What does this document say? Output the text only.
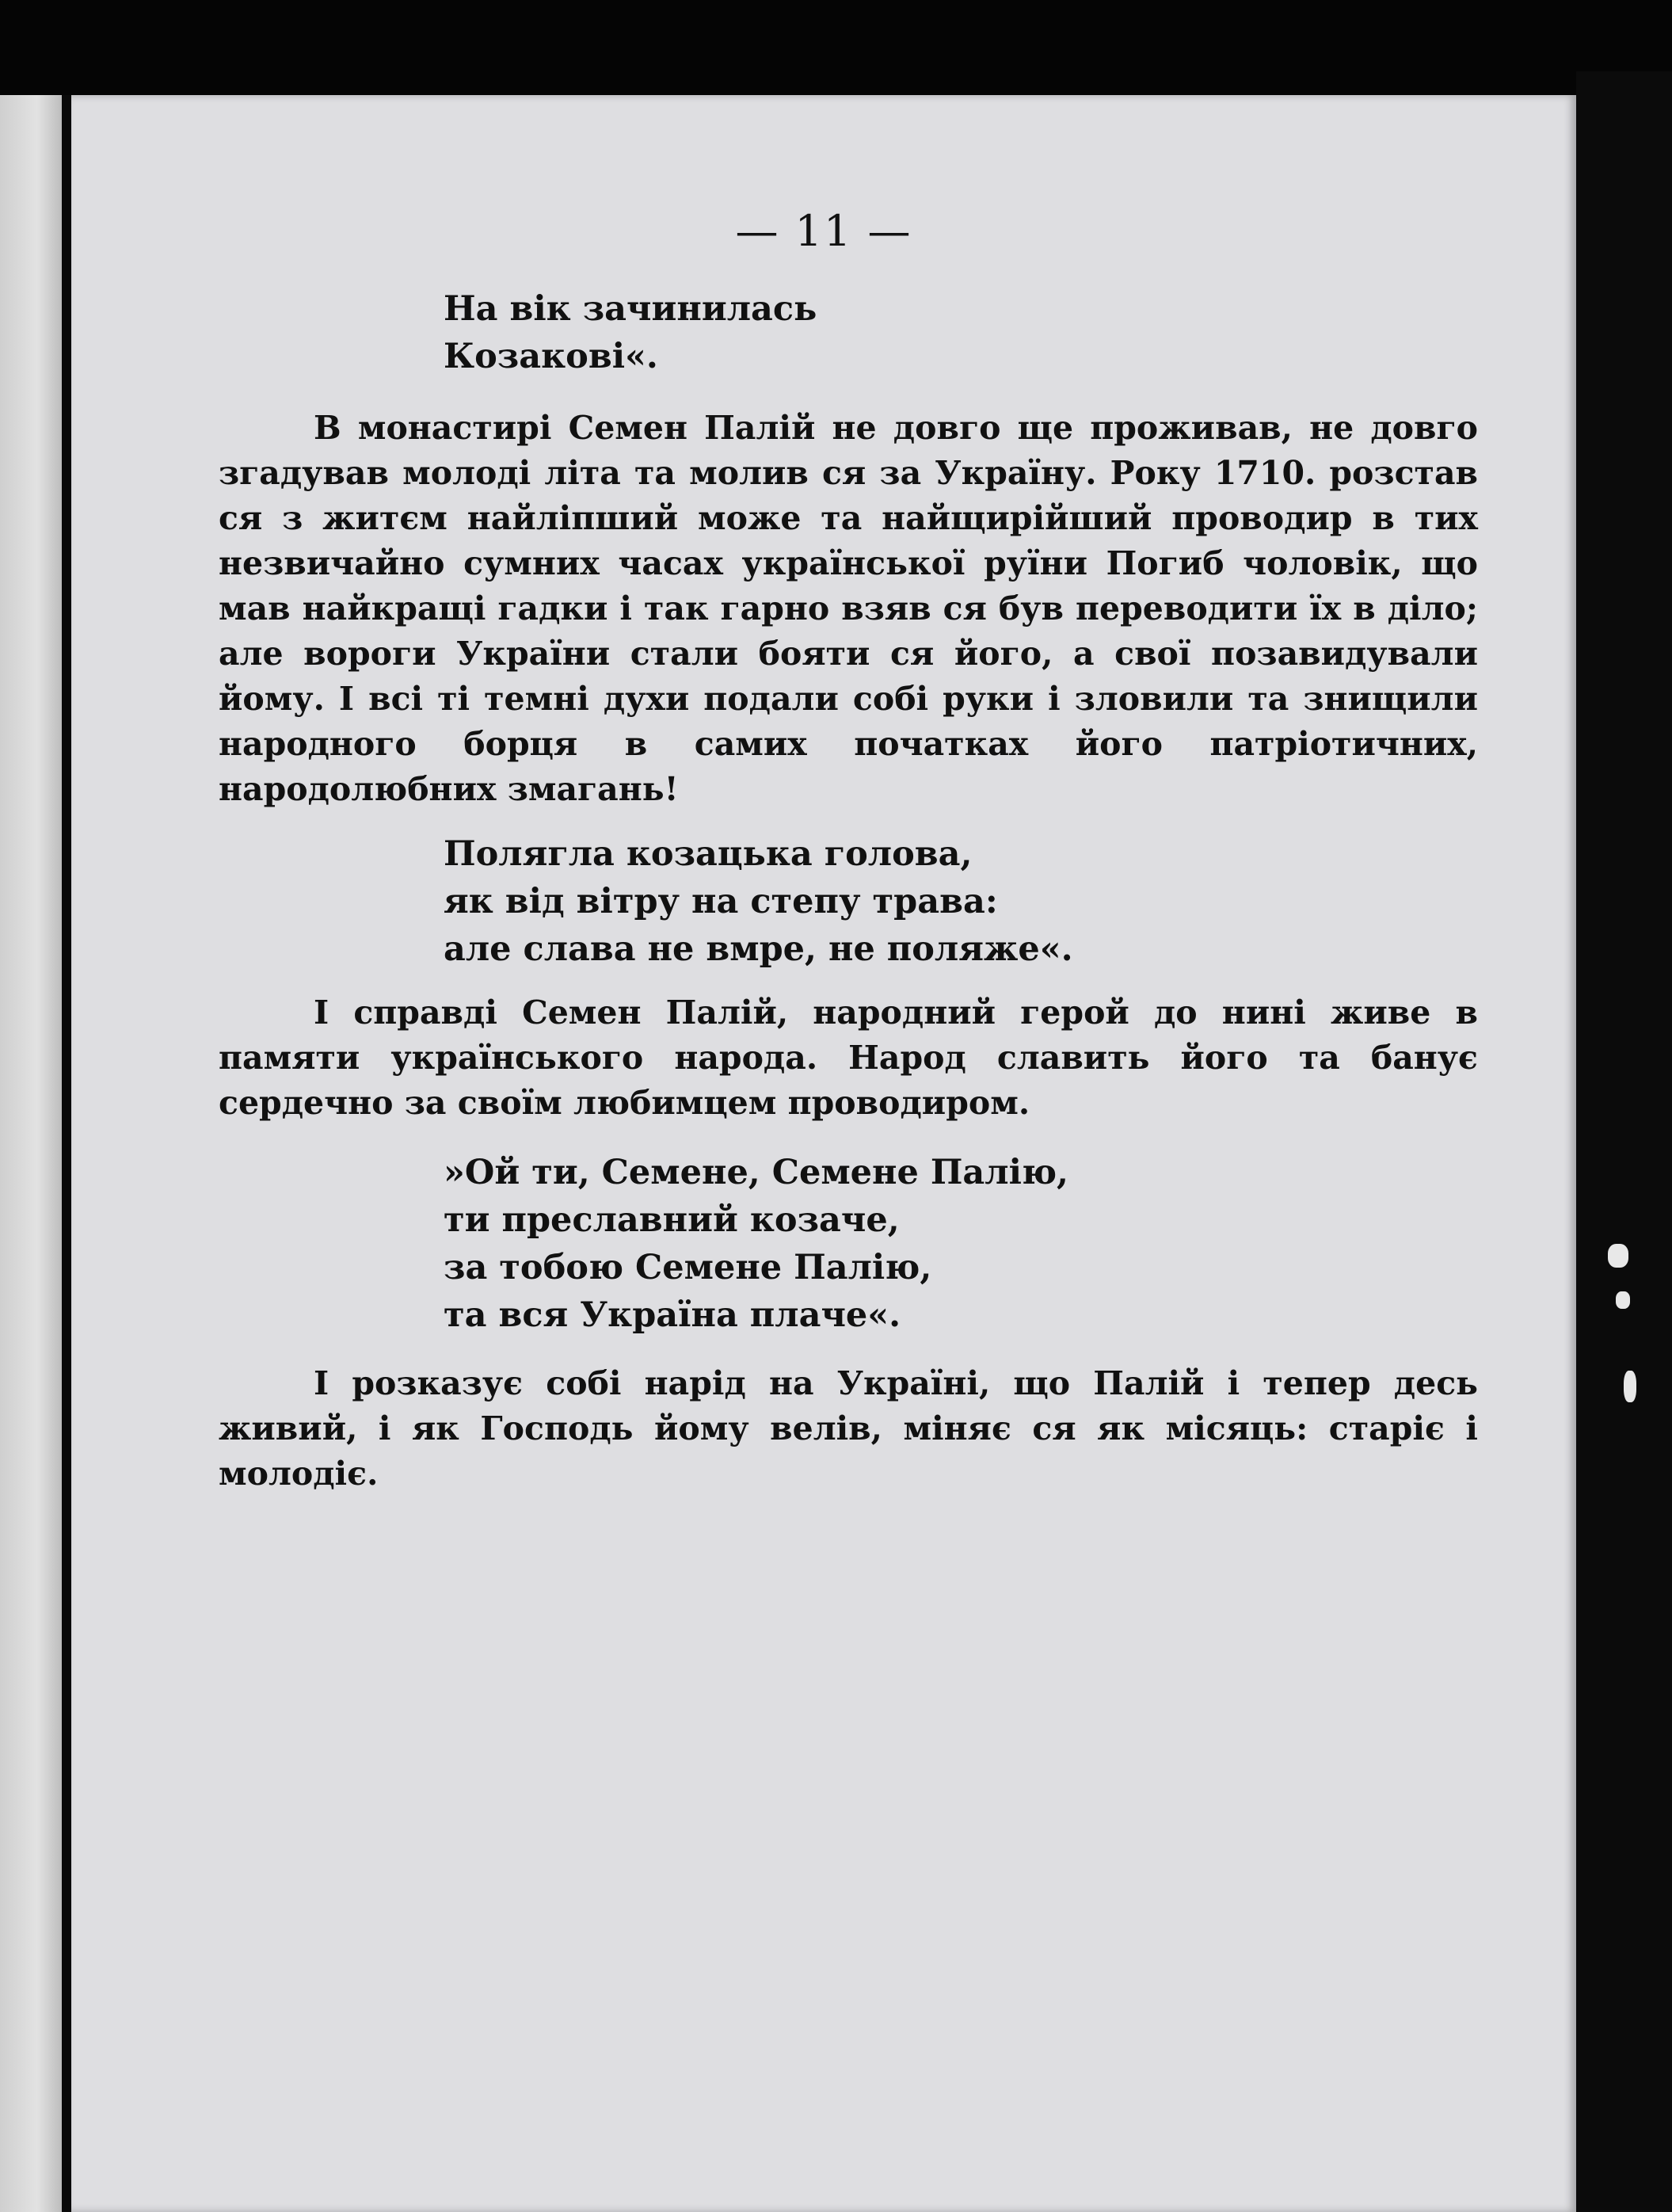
— 11 —
На вік зачинилась
Козакові«.

В монастирі Семен Палій не довго ще проживав, не довго згадував молоді літа та молив ся за Україну. Року 1710. розстав ся з житєм найліпший може та найщирійший проводир в тих незвичайно сумних часах української руїни Погиб чоловік, що мав найкращі гадки і так гарно взяв ся був переводити їх в діло; але вороги України стали бояти ся його, а свої позавидували йому. І всі ті темні духи подали собі руки і зловили та знищили народного борця в самих початках його патріотичних, народолюбних змагань!

Полягла козацька голова,
як від вітру на степу трава:
але слава не вмре, не поляже«.

І справді Семен Палій, народний герой до нині живе в памяти українського народа. Народ славить його та банує сердечно за своїм любимцем проводиром.

»Ой ти, Семене, Семене Палію,
ти преславний козаче,
за тобою Семене Палію,
та вся Україна плаче«.

І розказує собі нарід на Україні, що Палій і тепер десь живий, і як Господь йому велів, міняє ся як місяць: старіє і молодіє.
